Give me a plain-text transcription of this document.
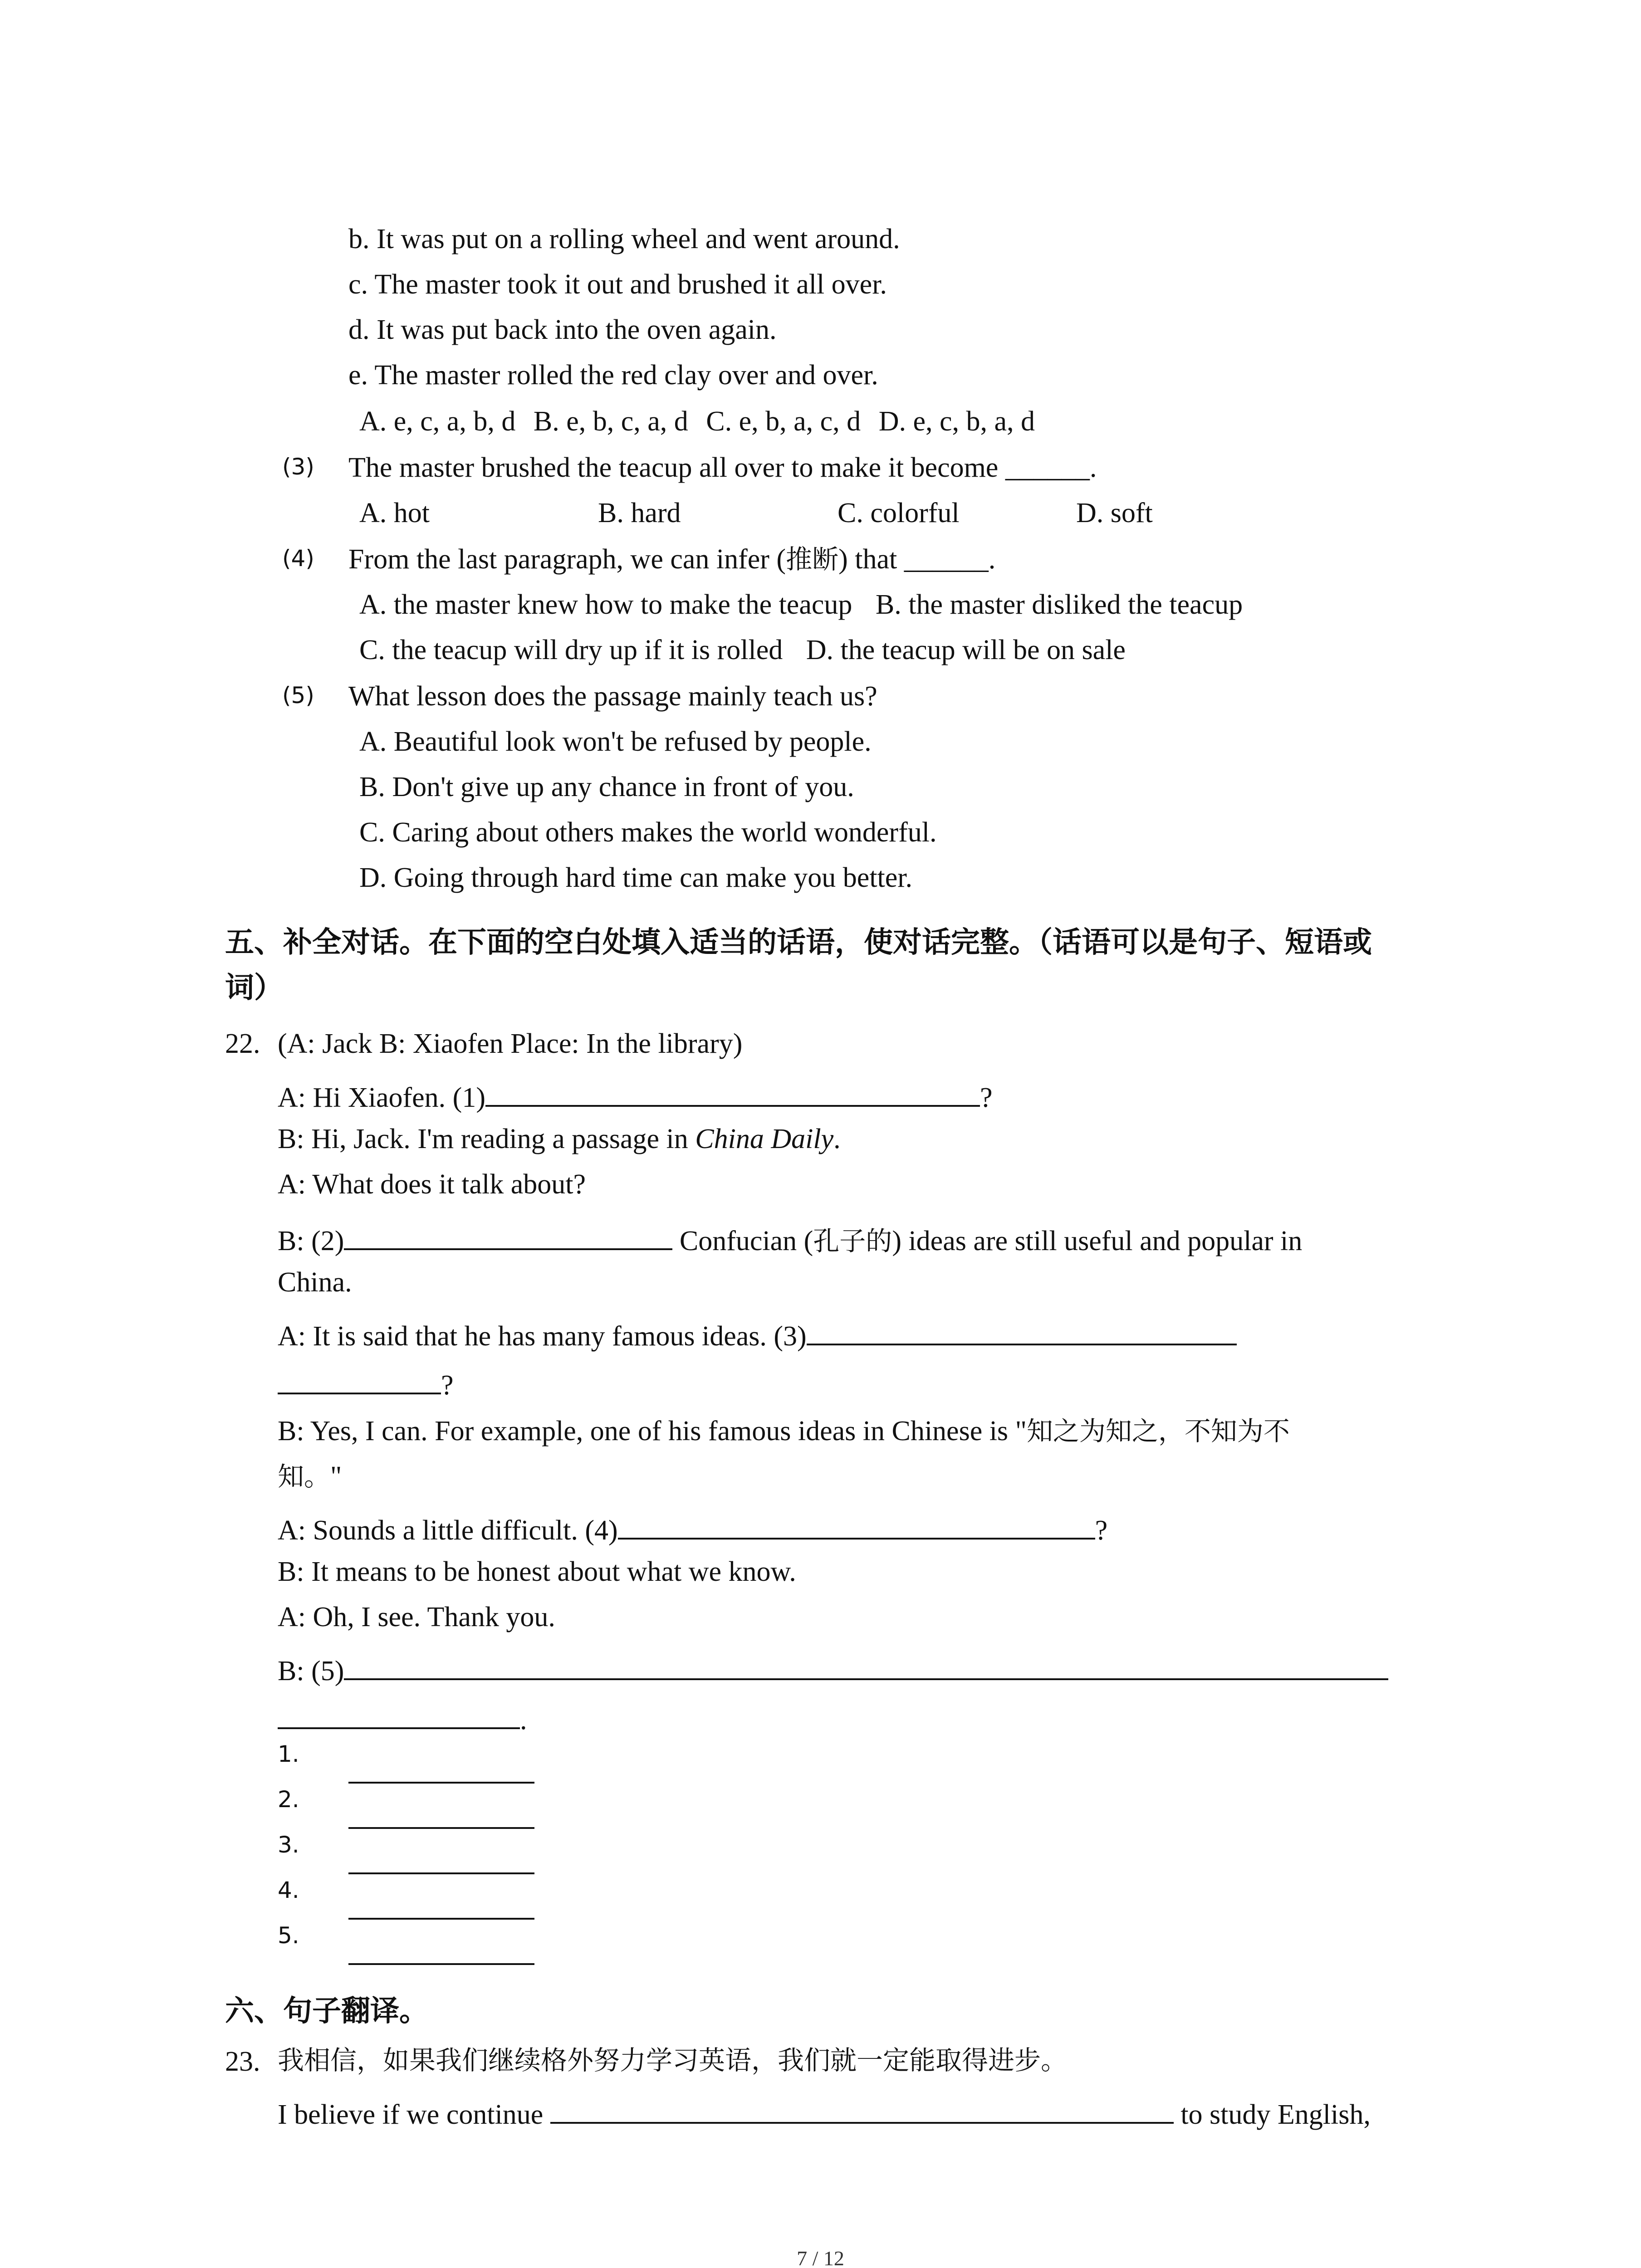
b. It was put on a rolling wheel and went around.
c. The master took it out and brushed it all over.
d. It was put back into the oven again.
e. The master rolled the red clay over and over.
A. e, c, a, b, d B. e, b, c, a, d C. e, b, a, c, d D. e, c, b, a, d
(3) The master brushed the teacup all over to make it become ______.
A. hot	B. hard	C. colorful	D. soft
(4) From the last paragraph, we can infer (推断) that ______.
A. the master knew how to make the teacup B. the master disliked the teacup
C. the teacup will dry up if it is rolled D. the teacup will be on sale
(5) What lesson does the passage mainly teach us?
A. Beautiful look won't be refused by people.
B. Don't give up any chance in front of you.
C. Caring about others makes the world wonderful.
D. Going through hard time can make you better.
五、补全对话。在下面的空白处填入适当的话语，使对话完整。（话语可以是句子、短语或
词）
22. (A: Jack B: Xiaofen Place: In the library)
A: Hi Xiaofen. (1)	?
B: Hi, Jack. I'm reading a passage in China Daily.
A: What does it talk about?
B: (2)	Confucian (孔子的) ideas are still useful and popular in
China.
A: It is said that he has many famous ideas. (3)
?
B: Yes, I can. For example, one of his famous ideas in Chinese is "知之为知之，不知为不
知。"
A: Sounds a little difficult. (4)	?
B: It means to be honest about what we know.
A: Oh, I see. Thank you.
B: (5)
.
1.
2.
3.
4.
5.
六、句子翻译。
23. 我相信，如果我们继续格外努力学习英语，我们就一定能取得进步。
I believe if we continue	to study English,
7 / 12
